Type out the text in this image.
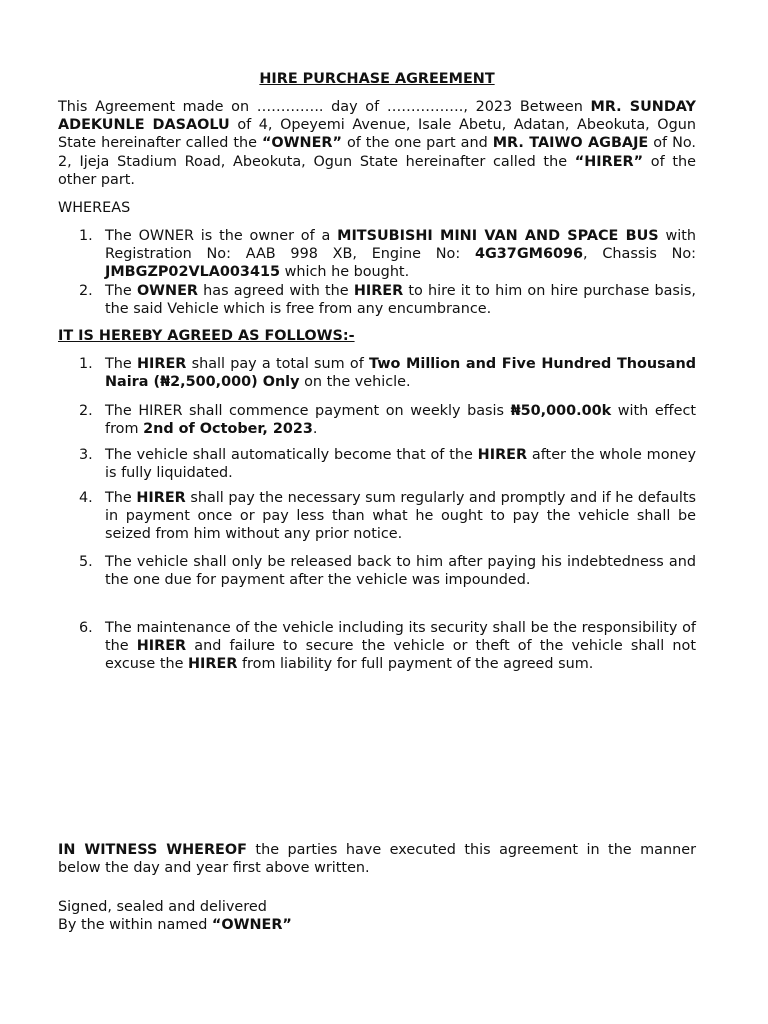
HIRE PURCHASE AGREEMENT
This Agreement made on ………….. day of ……………., 2023 Between MR. SUNDAY ADEKUNLE DASAOLU of 4, Opeyemi Avenue, Isale Abetu, Adatan, Abeokuta, Ogun State hereinafter called the “OWNER” of the one part and MR. TAIWO AGBAJE of No. 2, Ijeja Stadium Road, Abeokuta, Ogun State hereinafter called the “HIRER” of the other part.
WHEREAS
1. The OWNER is the owner of a MITSUBISHI MINI VAN AND SPACE BUS with Registration No: AAB 998 XB, Engine No: 4G37GM6096, Chassis No: JMBGZP02VLA003415 which he bought.
2. The OWNER has agreed with the HIRER to hire it to him on hire purchase basis, the said Vehicle which is free from any encumbrance.
IT IS HEREBY AGREED AS FOLLOWS:-
1. The HIRER shall pay a total sum of Two Million and Five Hundred Thousand Naira (₦2,500,000) Only on the vehicle.
2. The HIRER shall commence payment on weekly basis ₦50,000.00k with effect from 2nd of October, 2023.
3. The vehicle shall automatically become that of the HIRER after the whole money is fully liquidated.
4. The HIRER shall pay the necessary sum regularly and promptly and if he defaults in payment once or pay less than what he ought to pay the vehicle shall be seized from him without any prior notice.
5. The vehicle shall only be released back to him after paying his indebtedness and the one due for payment after the vehicle was impounded.
6. The maintenance of the vehicle including its security shall be the responsibility of the HIRER and failure to secure the vehicle or theft of the vehicle shall not excuse the HIRER from liability for full payment of the agreed sum.
IN WITNESS WHEREOF the parties have executed this agreement in the manner below the day and year first above written.
Signed, sealed and delivered
By the within named “OWNER”
